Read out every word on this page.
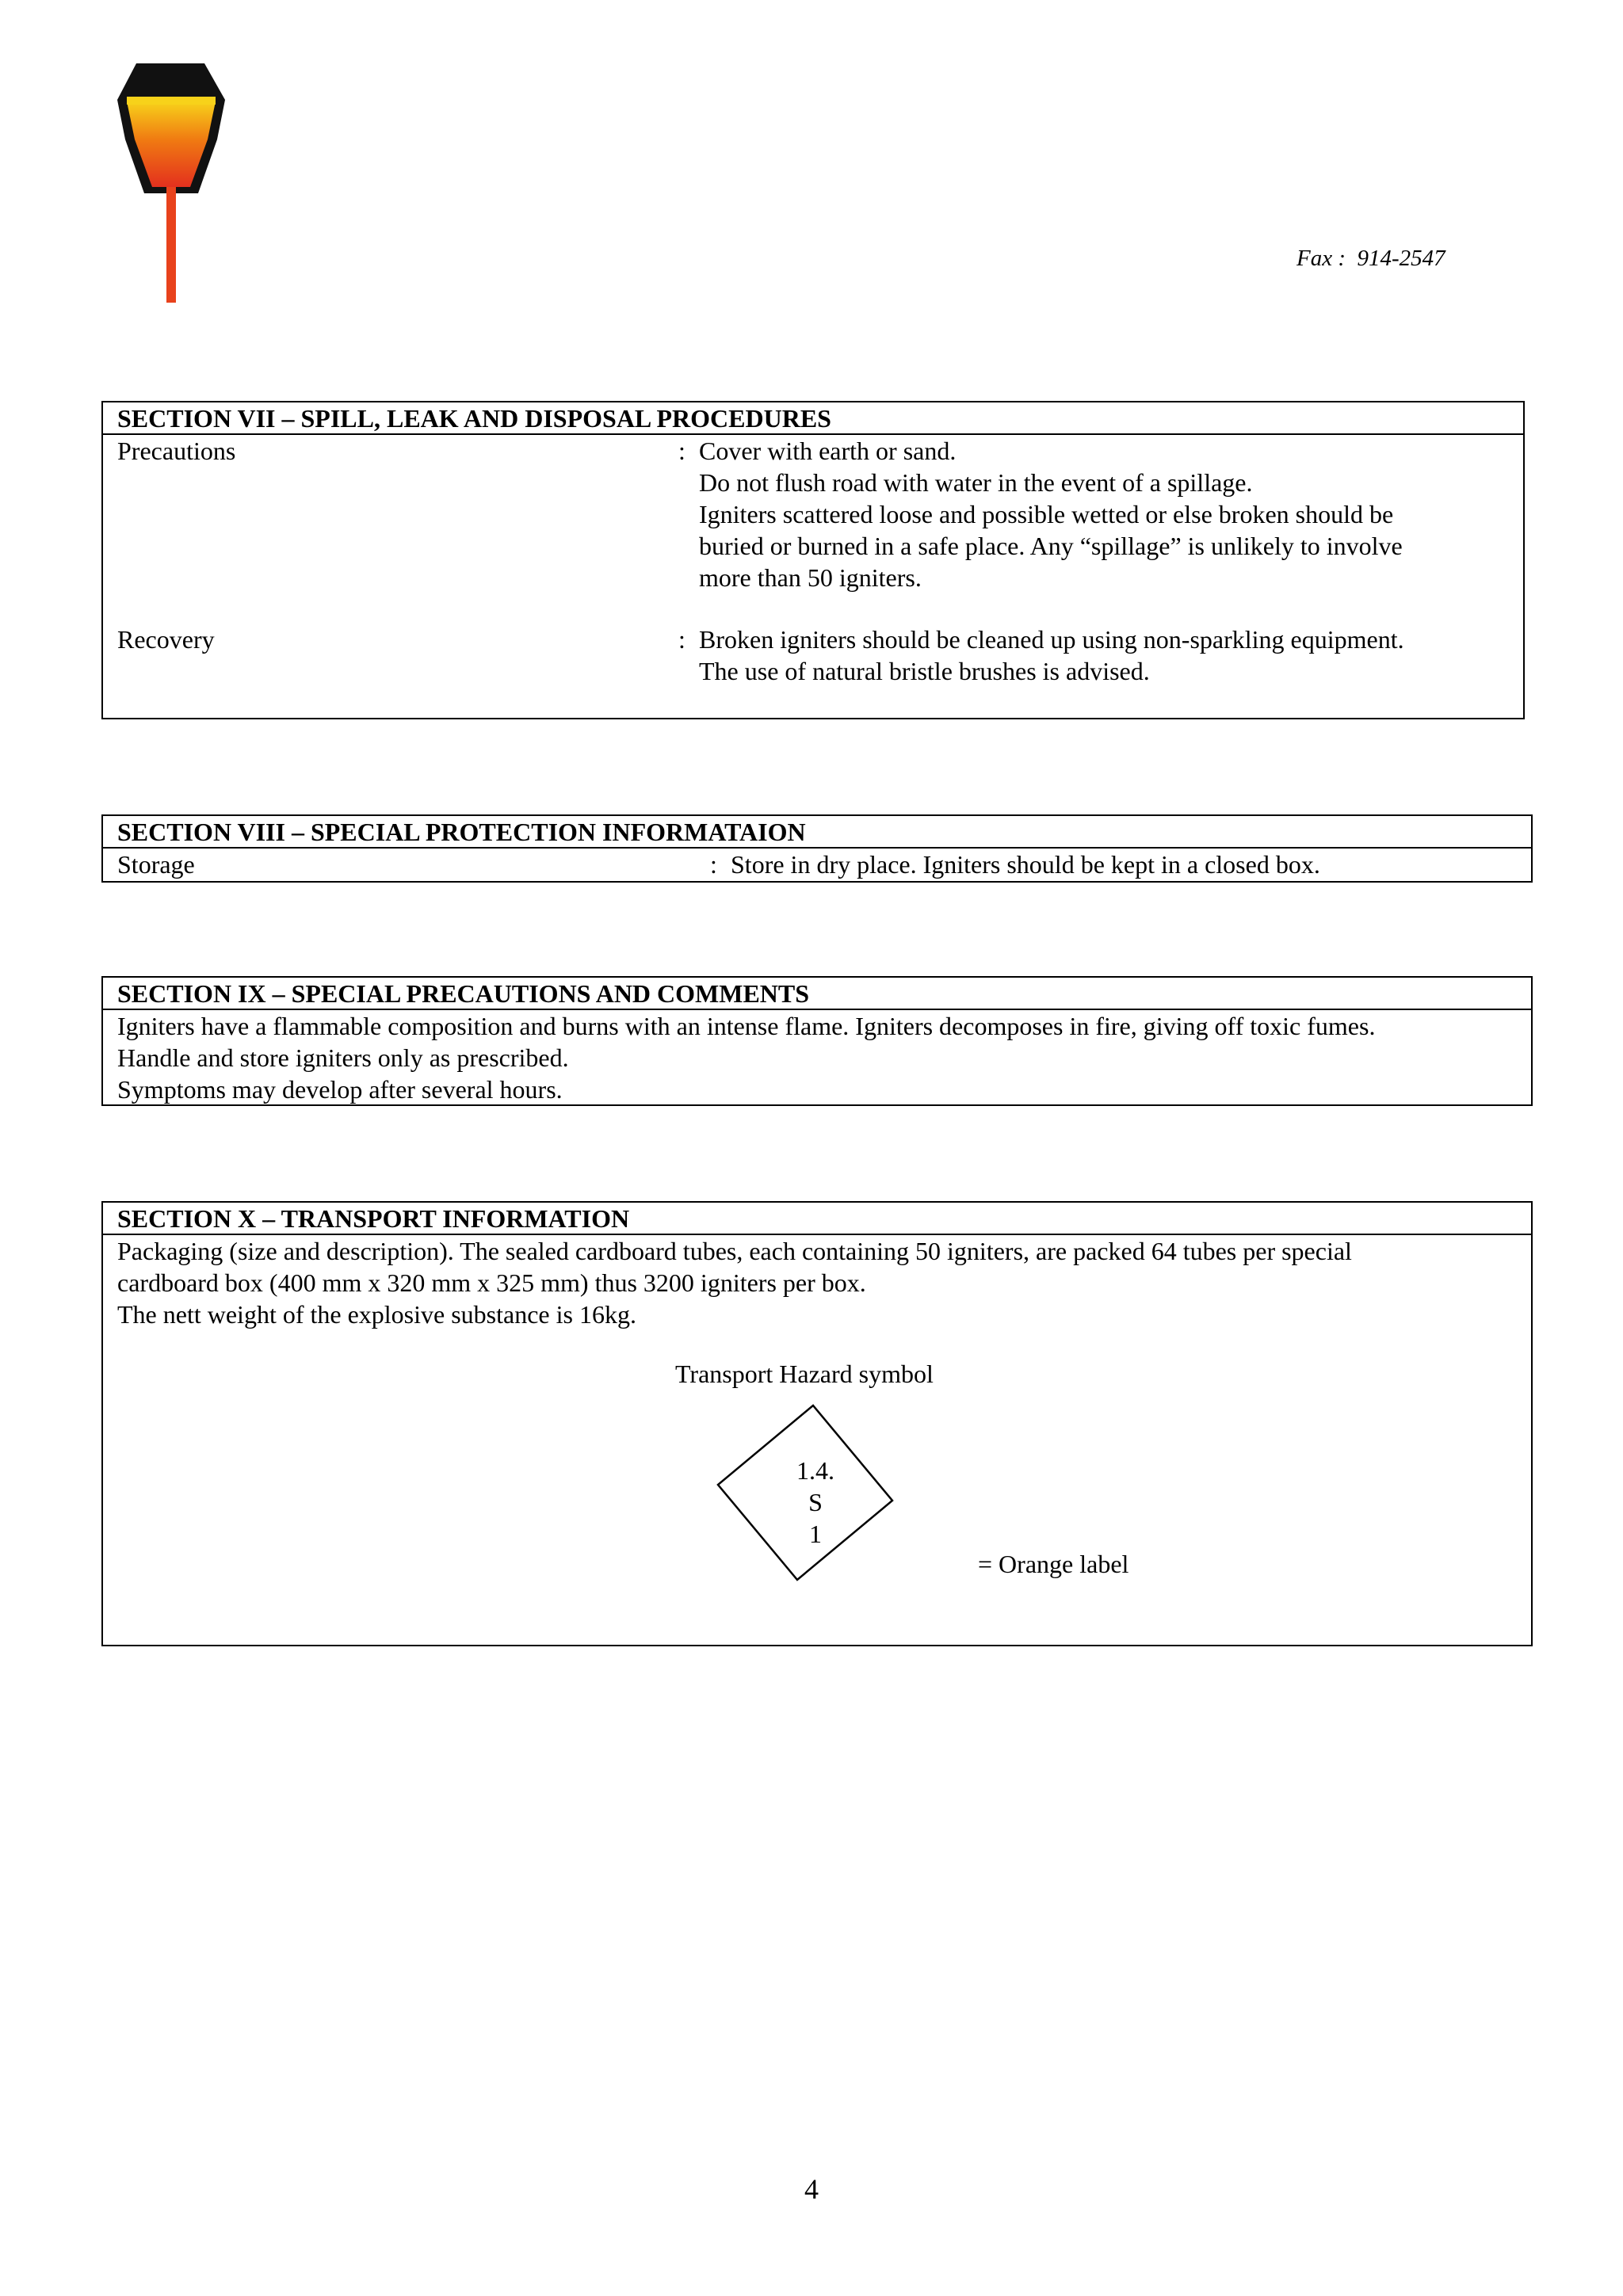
Fax :  914-2547
SECTION VII – SPILL, LEAK AND DISPOSAL PROCEDURES
Precautions	: Cover with earth or sand.
Do not flush road with water in the event of a spillage.
Igniters scattered loose and possible wetted or else broken should be
buried or burned in a safe place. Any “spillage” is unlikely to involve
more than 50 igniters.
Recovery	: Broken igniters should be cleaned up using non-sparkling equipment.
The use of natural bristle brushes is advised.
SECTION VIII – SPECIAL PROTECTION INFORMATAION
Storage	: Store in dry place. Igniters should be kept in a closed box.
SECTION IX – SPECIAL PRECAUTIONS AND COMMENTS
Igniters have a flammable composition and burns with an intense flame. Igniters decomposes in fire, giving off toxic fumes.
Handle and store igniters only as prescribed.
Symptoms may develop after several hours.
SECTION X – TRANSPORT INFORMATION
Packaging (size and description). The sealed cardboard tubes, each containing 50 igniters, are packed 64 tubes per special
cardboard box (400 mm x 320 mm x 325 mm) thus 3200 igniters per box.
The nett weight of the explosive substance is 16kg.
Transport Hazard symbol
1.4.
S
1
= Orange label
4
